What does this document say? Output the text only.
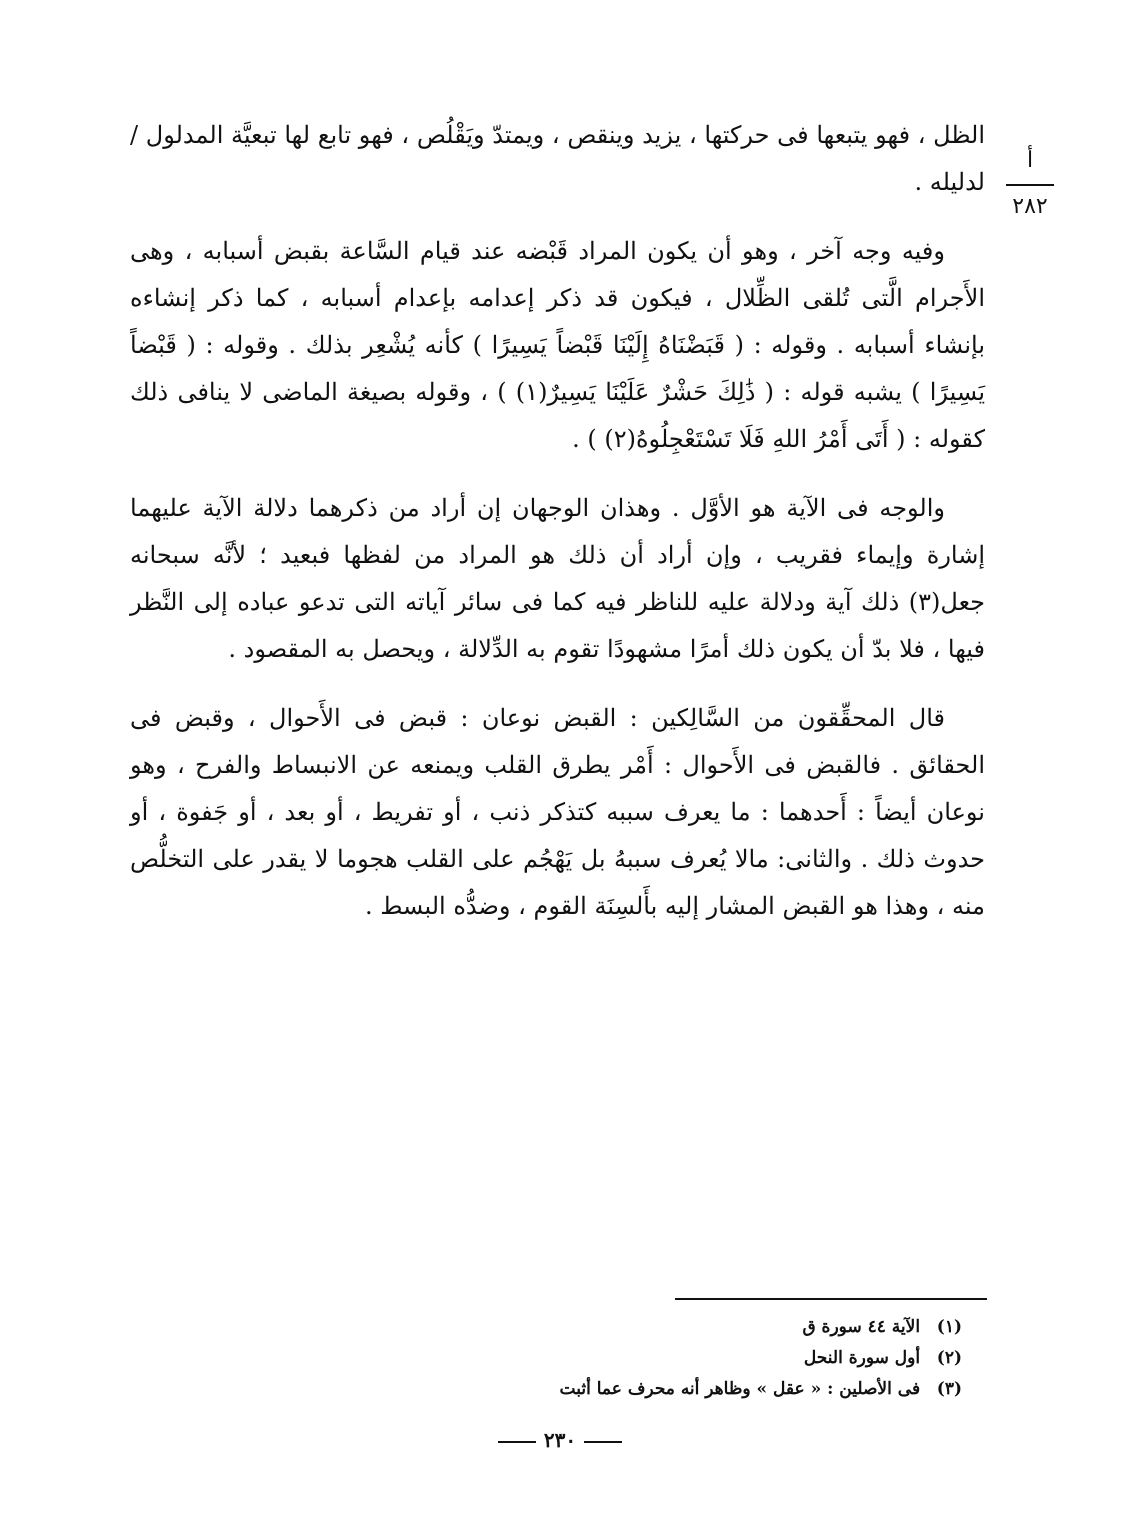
أ
٢٨٢

الظل ، فهو يتبعها فى حركتها ، يزيد وينقص ، ويمتدّ ويَقْلُص ، فهو تابع لها تبعيَّة المدلول / لدليله .

وفيه وجه آخر ، وهو أن يكون المراد قَبْضه عند قيام السَّاعة بقبض أسبابه ، وهى الأَجرام الَّتى تُلقى الظِّلال ، فيكون قد ذكر إعدامه بإعدام أسبابه ، كما ذكر إنشاءه بإنشاء أسبابه . وقوله : ( قَبَضْنَاهُ إِلَيْنَا قَبْضاً يَسِيرًا ) كأنه يُشْعِر بذلك . وقوله : ( قَبْضاً يَسِيرًا ) يشبه قوله : ( ذَٰلِكَ حَشْرٌ عَلَيْنَا يَسِيرٌ(١) ) ، وقوله بصيغة الماضى لا ينافى ذلك كقوله : ( أَتَى أَمْرُ اللهِ فَلَا تَسْتَعْجِلُوهُ(٢) ) .

والوجه فى الآية هو الأوَّل . وهذان الوجهان إن أراد من ذكرهما دلالة الآية عليهما إشارة وإيماء فقريب ، وإن أراد أن ذلك هو المراد من لفظها فبعيد ؛ لأنَّه سبحانه جعل(٣) ذلك آية ودلالة عليه للناظر فيه كما فى سائر آياته التى تدعو عباده إلى النَّظر فيها ، فلا بدّ أن يكون ذلك أمرًا مشهودًا تقوم به الدِّلالة ، ويحصل به المقصود .

قال المحقِّقون من السَّالِكين : القبض نوعان : قبض فى الأَحوال ، وقبض فى الحقائق . فالقبض فى الأَحوال : أَمْر يطرق القلب ويمنعه عن الانبساط والفرح ، وهو نوعان أيضاً : أَحدهما : ما يعرف سببه كتذكر ذنب ، أو تفريط ، أو بعد ، أو جَفوة ، أو حدوث ذلك . والثانى: مالا يُعرف سببهُ بل يَهْجُم على القلب هجوما لا يقدر على التخلُّص منه ، وهذا هو القبض المشار إليه بأَلسِنَة القوم ، وضدُّه البسط .

(١) الآية ٤٤ سورة ق

(٢) أول سورة النحل

(٣) فى الأصلين : « عقل » وظاهر أنه محرف عما أثبت

٢٣٠
